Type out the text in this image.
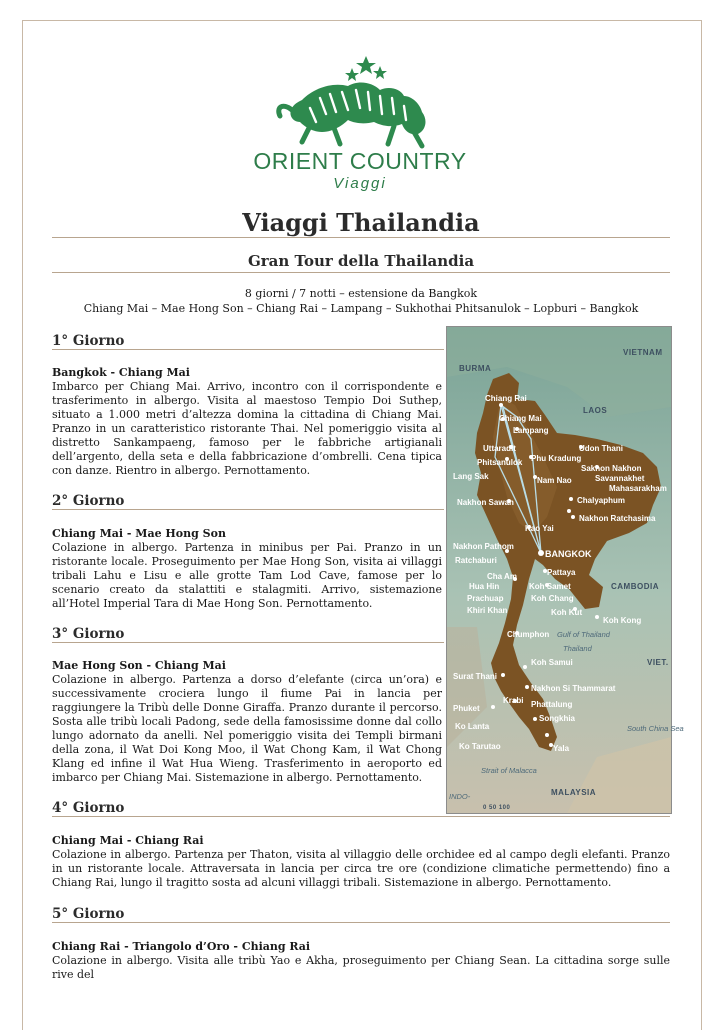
ORIENT COUNTRY
Viaggi
Viaggi Thailandia
Gran Tour della Thailandia
8 giorni / 7 notti – estensione da Bangkok
Chiang Mai – Mae Hong Son – Chiang Rai – Lampang – Sukhothai Phitsanulok – Lopburi – Bangkok
1° Giorno
Bangkok - Chiang Mai
Imbarco per Chiang Mai. Arrivo, incontro con il corrispondente e trasferimento in albergo. Visita al maestoso Tempio Doi Suthep, situato a 1.000 metri d’altezza domina la cittadina di Chiang Mai. Pranzo in un caratteristico ristorante Thai. Nel pomeriggio visita al distretto Sankampaeng, famoso per le fabbriche artigianali dell’argento, della seta e della fabbricazione d’ombrelli. Cena tipica con danze. Rientro in albergo. Pernottamento.
2° Giorno
Chiang Mai - Mae Hong Son
Colazione in albergo. Partenza in minibus per Pai. Pranzo in un ristorante locale. Proseguimento per Mae Hong Son, visita ai villaggi tribali Lahu e Lisu e alle grotte Tam Lod Cave, famose per lo scenario creato da stalattiti e stalagmiti. Arrivo, sistemazione all’Hotel Imperial Tara di Mae Hong Son. Pernottamento.
3° Giorno
Mae Hong Son - Chiang Mai
Colazione in albergo. Partenza a dorso d’elefante (circa un’ora) e successivamente crociera lungo il fiume Pai in lancia per raggiungere la Tribù delle Donne Giraffa. Pranzo durante il percorso. Sosta alle tribù locali Padong, sede della famosissime donne dal collo lungo adornato da anelli. Nel pomeriggio visita dei Templi birmani della zona, il Wat Doi Kong Moo, il Wat Chong Kam, il Wat Chong Klang ed infine il Wat Hua Wieng. Trasferimento in aeroporto ed imbarco per Chiang Mai. Sistemazione in albergo. Pernottamento.
4° Giorno
Chiang Mai - Chiang Rai
Colazione in albergo. Partenza per Thaton, visita al villaggio delle orchidee ed al campo degli elefanti. Pranzo in un ristorante locale. Attraversata in lancia per circa tre ore (condizione climatiche permettendo) fino a Chiang Rai, lungo il tragitto sosta ad alcuni villaggi tribali. Sistemazione in albergo. Pernottamento.
5° Giorno
Chiang Rai - Triangolo d’Oro - Chiang Rai
Colazione in albergo. Visita alle tribù Yao e Akha, proseguimento per Chiang Sean. La cittadina sorge sulle rive del
BURMA
LAOS
VIETNAM
CAMBODIA
MALAYSIA
VIET.
Gulf of Thailand
South China Sea
Strait of Malacca
INDO-
Thailand
0 50 100
Chiang Rai
Chiang Mai
Lampang
Uttaradit
Phitsanulok Phu Kradung
Udon Thani
Sakhon Nakhon
Savannakhet
Mahasarakham
Lang Sak	Nam Nao
Chalyaphum
Nakhon Sawan
Nakhon Ratchasima
Kao Yai
Nakhon Pathom
Ratchaburi
Pattaya
Cha Am
Hua Hin	Koh Samet
Koh Chang
Prachuap
Khiri Khan	Koh Kut
Koh Kong
Chumphon
Koh Samui
Surat Thani
Nakhon Si Thammarat
Phuket
Krabi Phattalung
Songkhia
Ko Lanta
Ko Tarutao	Yala
BANGKOK
